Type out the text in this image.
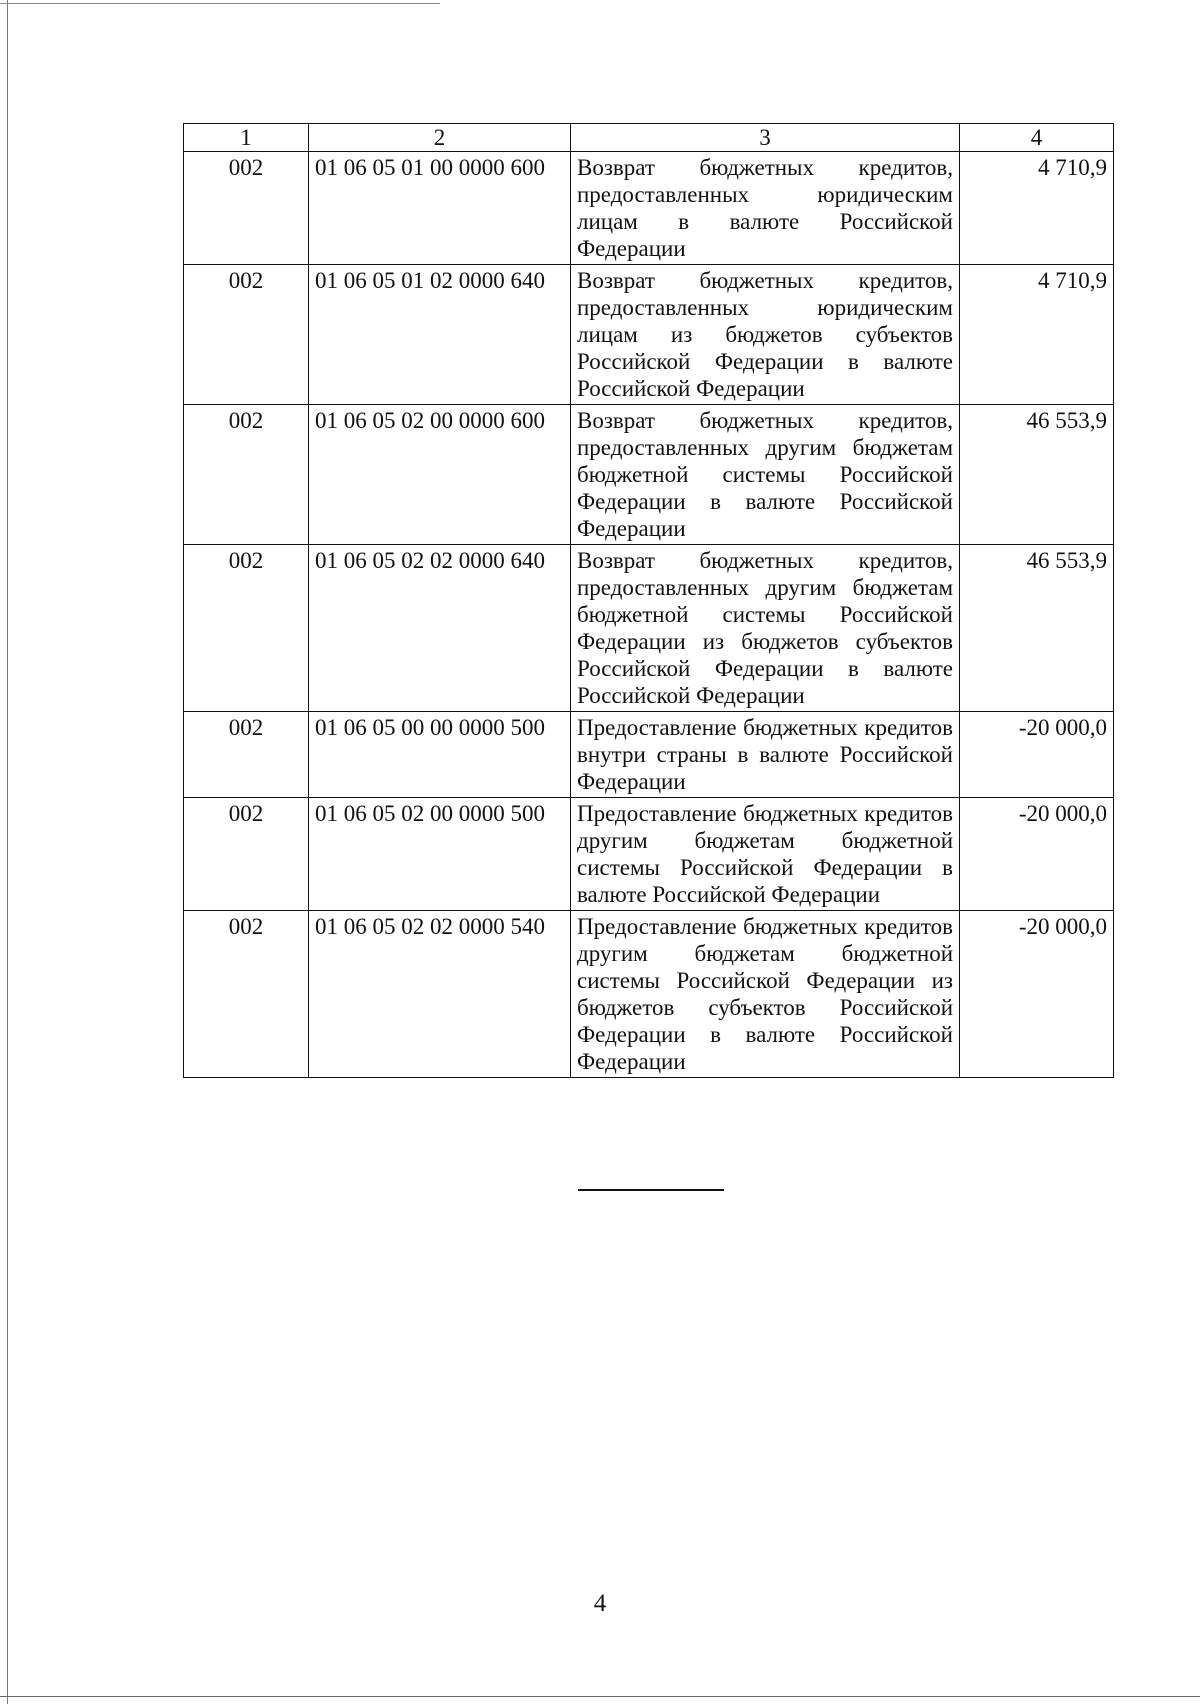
1	2	3	4
002	01 06 05 01 00 0000 600	Возврат бюджетных кредитов, предоставленных юридическим лицам в валюте Российской Федерации	4 710,9
002	01 06 05 01 02 0000 640	Возврат бюджетных кредитов, предоставленных юридическим лицам из бюджетов субъектов Российской Федерации в валюте Российской Федерации	4 710,9
002	01 06 05 02 00 0000 600	Возврат бюджетных кредитов, предоставленных другим бюджетам бюджетной системы Российской Федерации в валюте Российской Федерации	46 553,9
002	01 06 05 02 02 0000 640	Возврат бюджетных кредитов, предоставленных другим бюджетам бюджетной системы Российской Федерации из бюджетов субъектов Российской Федерации в валюте Российской Федерации	46 553,9
002	01 06 05 00 00 0000 500	Предоставление бюджетных кредитов внутри страны в валюте Российской Федерации	-20 000,0
002	01 06 05 02 00 0000 500	Предоставление бюджетных кредитов другим бюджетам бюджетной системы Российской Федерации в валюте Российской Федерации	-20 000,0
002	01 06 05 02 02 0000 540	Предоставление бюджетных кредитов другим бюджетам бюджетной системы Российской Федерации из бюджетов субъектов Российской Федерации в валюте Российской Федерации	-20 000,0
4
